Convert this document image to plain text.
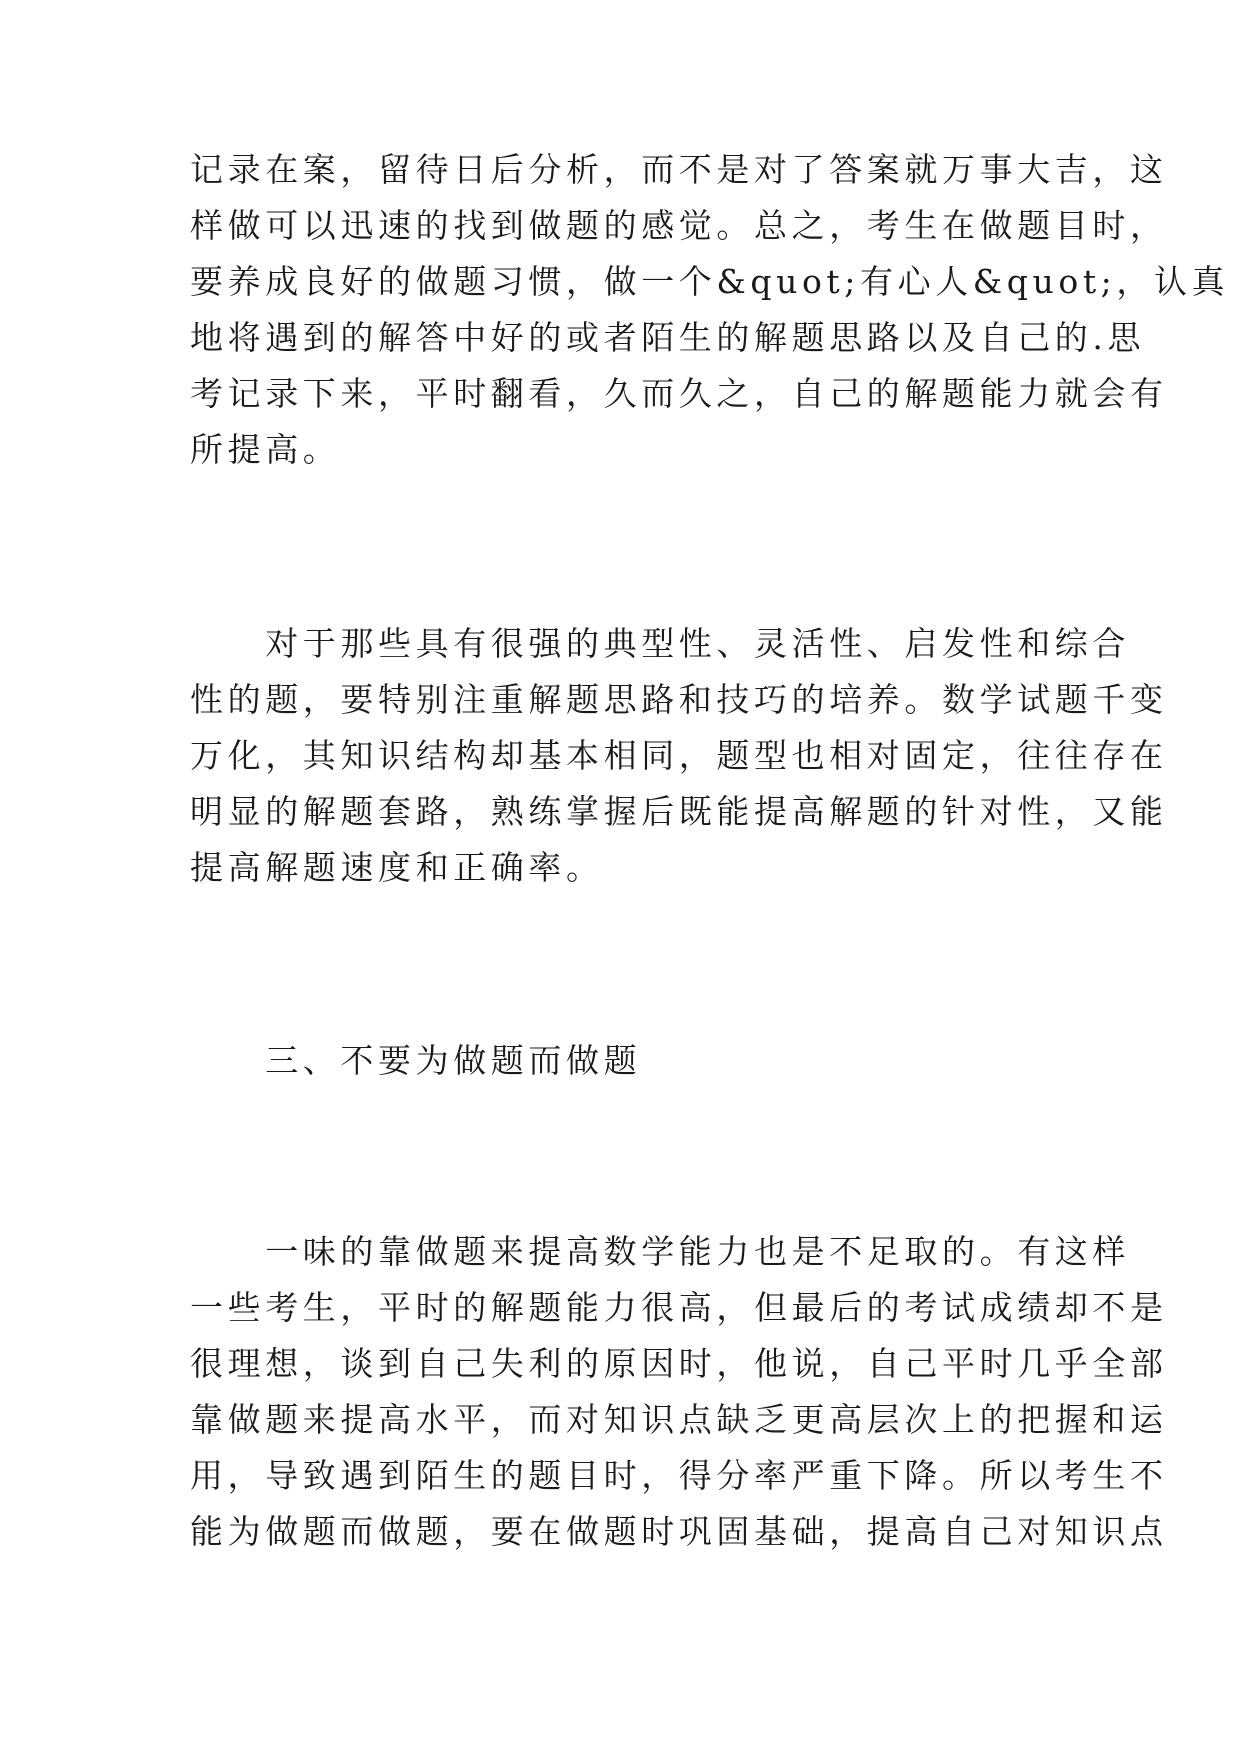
记录在案，留待日后分析，而不是对了答案就万事大吉，这
样做可以迅速的找到做题的感觉。总之，考生在做题目时，
要养成良好的做题习惯，做一个&quot;有心人&quot;，认真
地将遇到的解答中好的或者陌生的解题思路以及自己的.思
考记录下来，平时翻看，久而久之，自己的解题能力就会有
所提高。
　　对于那些具有很强的典型性、灵活性、启发性和综合
性的题，要特别注重解题思路和技巧的培养。数学试题千变
万化，其知识结构却基本相同，题型也相对固定，往往存在
明显的解题套路，熟练掌握后既能提高解题的针对性，又能
提高解题速度和正确率。
　　三、不要为做题而做题
　　一味的靠做题来提高数学能力也是不足取的。有这样
一些考生，平时的解题能力很高，但最后的考试成绩却不是
很理想，谈到自己失利的原因时，他说，自己平时几乎全部
靠做题来提高水平，而对知识点缺乏更高层次上的把握和运
用，导致遇到陌生的题目时，得分率严重下降。所以考生不
能为做题而做题，要在做题时巩固基础，提高自己对知识点
